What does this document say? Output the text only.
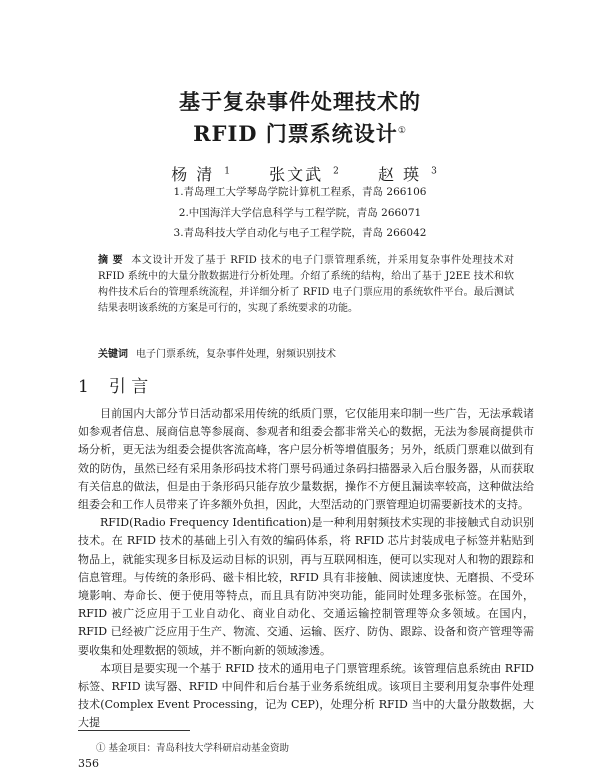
基于复杂事件处理技术的
RFID 门票系统设计①
杨 清 $^1$ 张文武 $^2$ 赵 瑛 $^3$
1.青岛理工大学琴岛学院计算机工程系，青岛 266106
2.中国海洋大学信息科学与工程学院，青岛 266071
3.青岛科技大学自动化与电子工程学院，青岛 266042
摘 要 本文设计开发了基于 RFID 技术的电子门票管理系统，并采用复杂事件处理技术对 RFID 系统中的大量分散数据进行分析处理。介绍了系统的结构，给出了基于 J2EE 技术和软构件技术后台的管理系统流程，并详细分析了 RFID 电子门票应用的系统软件平台。最后测试结果表明该系统的方案是可行的，实现了系统要求的功能。
关键词 电子门票系统，复杂事件处理，射频识别技术
1 引 言

目前国内大部分节日活动都采用传统的纸质门票，它仅能用来印制一些广告，无法承载诸如参观者信息、展商信息等参展商、参观者和组委会都非常关心的数据，无法为参展商提供市场分析，更无法为组委会提供客流高峰，客户层分析等增值服务；另外，纸质门票难以做到有效的防伪，虽然已经有采用条形码技术将门票号码通过条码扫描器录入后台服务器，从而获取有关信息的做法，但是由于条形码只能存放少量数据，操作不方便且漏读率较高，这种做法给组委会和工作人员带来了许多额外负担，因此，大型活动的门票管理迫切需要新技术的支持。

RFID(Radio Frequency Identification)是一种利用射频技术实现的非接触式自动识别技术。在 RFID 技术的基础上引入有效的编码体系，将 RFID 芯片封装成电子标签并粘贴到物品上，就能实现多目标及运动目标的识别，再与互联网相连，便可以实现对人和物的跟踪和信息管理。与传统的条形码、磁卡相比较，RFID 具有非接触、阅读速度快、无磨损、不受环境影响、寿命长、便于使用等特点，而且具有防冲突功能，能同时处理多张标签。在国外，RFID 被广泛应用于工业自动化、商业自动化、交通运输控制管理等众多领域。在国内，RFID 已经被广泛应用于生产、物流、交通、运输、医疗、防伪、跟踪、设备和资产管理等需要收集和处理数据的领域，并不断向新的领域渗透。

本项目是要实现一个基于 RFID 技术的通用电子门票管理系统。该管理信息系统由 RFID 标签、RFID 读写器、RFID 中间件和后台基于业务系统组成。该项目主要利用复杂事件处理技术(Complex Event Processing，记为 CEP)，处理分析 RFID 当中的大量分散数据，大大提

① 基金项目：青岛科技大学科研启动基金资助
356
